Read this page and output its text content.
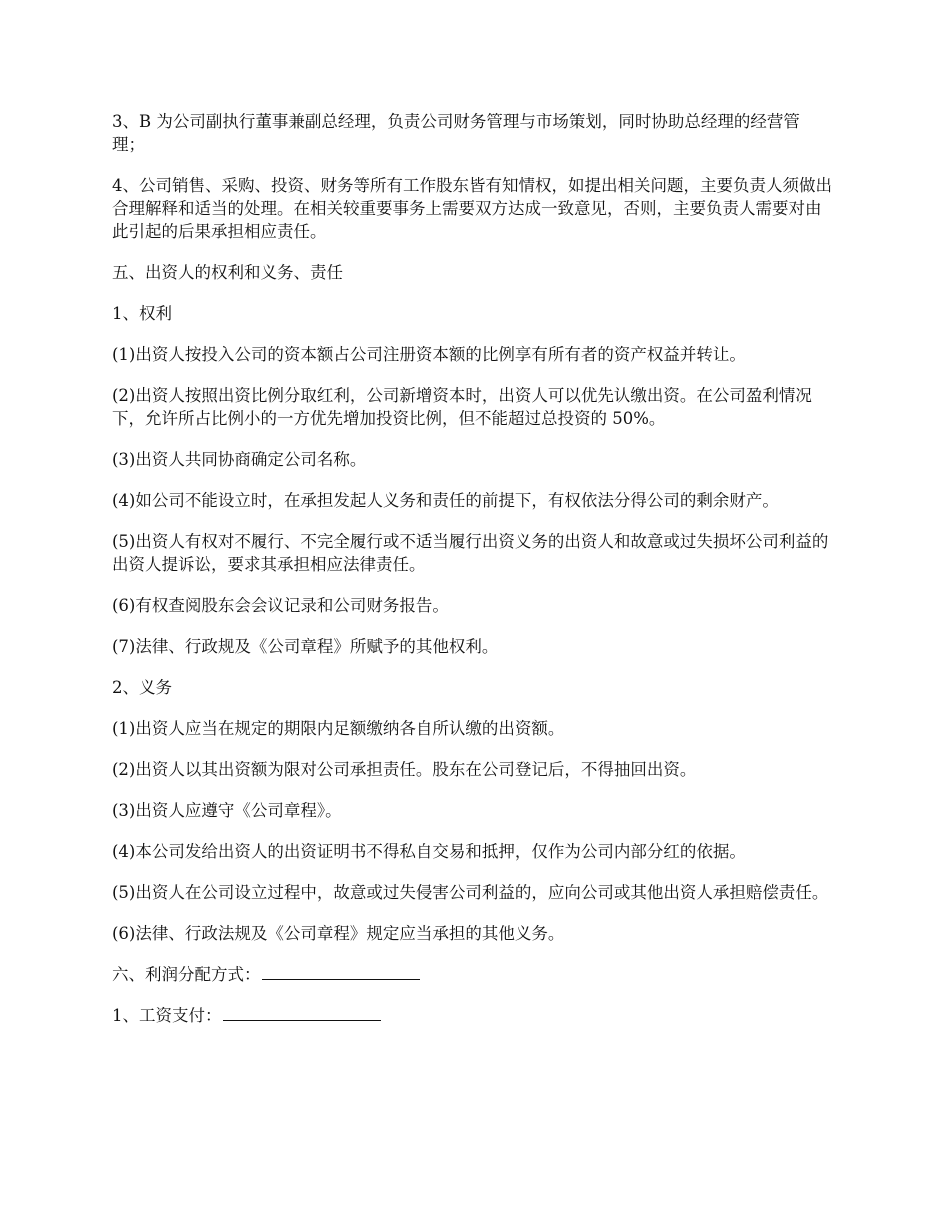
3、B 为公司副执行董事兼副总经理，负责公司财务管理与市场策划，同时协助总经理的经营管理；

4、公司销售、采购、投资、财务等所有工作股东皆有知情权，如提出相关问题，主要负责人须做出合理解释和适当的处理。在相关较重要事务上需要双方达成一致意见，否则，主要负责人需要对由此引起的后果承担相应责任。

五、出资人的权利和义务、责任

1、权利

(1)出资人按投入公司的资本额占公司注册资本额的比例享有所有者的资产权益并转让。

(2)出资人按照出资比例分取红利，公司新增资本时，出资人可以优先认缴出资。在公司盈利情况下，允许所占比例小的一方优先增加投资比例，但不能超过总投资的 50%。

(3)出资人共同协商确定公司名称。

(4)如公司不能设立时，在承担发起人义务和责任的前提下，有权依法分得公司的剩余财产。

(5)出资人有权对不履行、不完全履行或不适当履行出资义务的出资人和故意或过失损坏公司利益的出资人提诉讼，要求其承担相应法律责任。

(6)有权查阅股东会会议记录和公司财务报告。

(7)法律、行政规及《公司章程》所赋予的其他权利。

2、义务

(1)出资人应当在规定的期限内足额缴纳各自所认缴的出资额。

(2)出资人以其出资额为限对公司承担责任。股东在公司登记后，不得抽回出资。

(3)出资人应遵守《公司章程》。

(4)本公司发给出资人的出资证明书不得私自交易和抵押，仅作为公司内部分红的依据。

(5)出资人在公司设立过程中，故意或过失侵害公司利益的，应向公司或其他出资人承担赔偿责任。

(6)法律、行政法规及《公司章程》规定应当承担的其他义务。

六、利润分配方式：

1、工资支付：
